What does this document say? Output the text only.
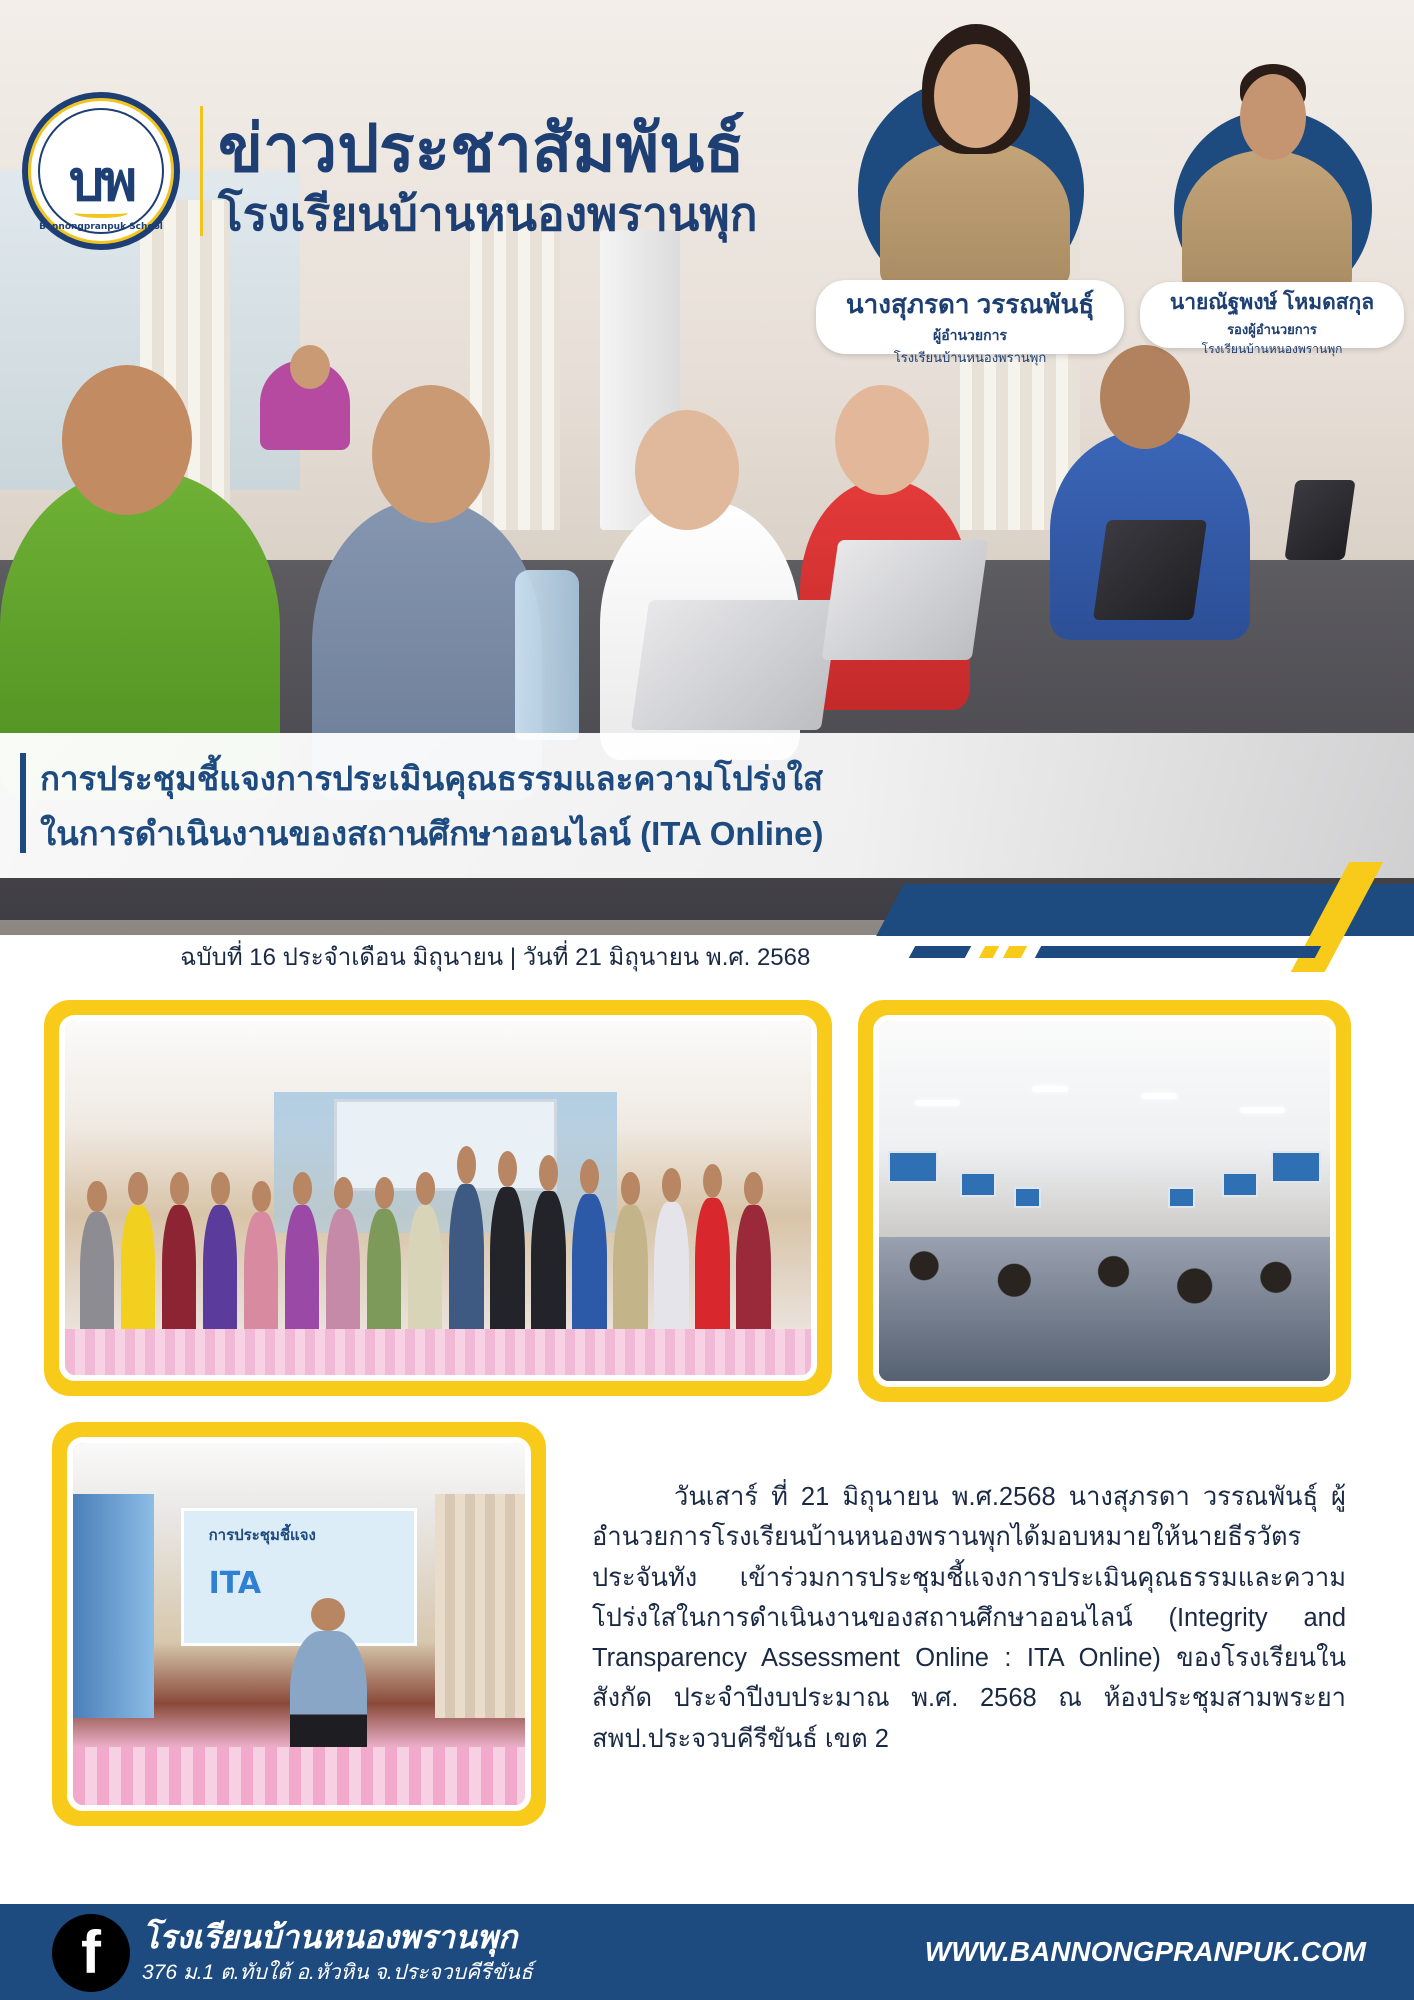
บพ
Bannongpranpuk School
ข่าวประชาสัมพันธ์
โรงเรียนบ้านหนองพรานพุก
นางสุภรดา วรรณพันธุ์
ผู้อำนวยการ
โรงเรียนบ้านหนองพรานพุก
นายณัฐพงษ์ โหมดสกุล
รองผู้อำนวยการ
โรงเรียนบ้านหนองพรานพุก
การประชุมชี้แจงการประเมินคุณธรรมและความโปร่งใส
ในการดำเนินงานของสถานศึกษาออนไลน์ (ITA Online)
ฉบับที่ 16 ประจำเดือน มิถุนายน | วันที่ 21 มิถุนายน พ.ศ. 2568
การประชุมชี้แจง
ITA

วันเสาร์ ที่ 21 มิถุนายน พ.ศ.2568 นางสุภรดา วรรณพันธุ์ ผู้อำนวยการโรงเรียนบ้านหนองพรานพุกได้มอบหมายให้นายธีรวัตร ประจันทัง เข้าร่วมการประชุมชี้แจงการประเมินคุณธรรมและความโปร่งใสในการดำเนินงานของสถานศึกษาออนไลน์ (Integrity and Transparency Assessment Online : ITA Online) ของโรงเรียนในสังกัด ประจำปีงบประมาณ พ.ศ. 2568 ณ ห้องประชุมสามพระยา สพป.ประจวบคีรีขันธ์ เขต 2

f	โรงเรียนบ้านหนองพรานพุก
376 ม.1 ต.ทับใต้ อ.หัวหิน จ.ประจวบคีรีขันธ์
WWW.BANNONGPRANPUK.COM
